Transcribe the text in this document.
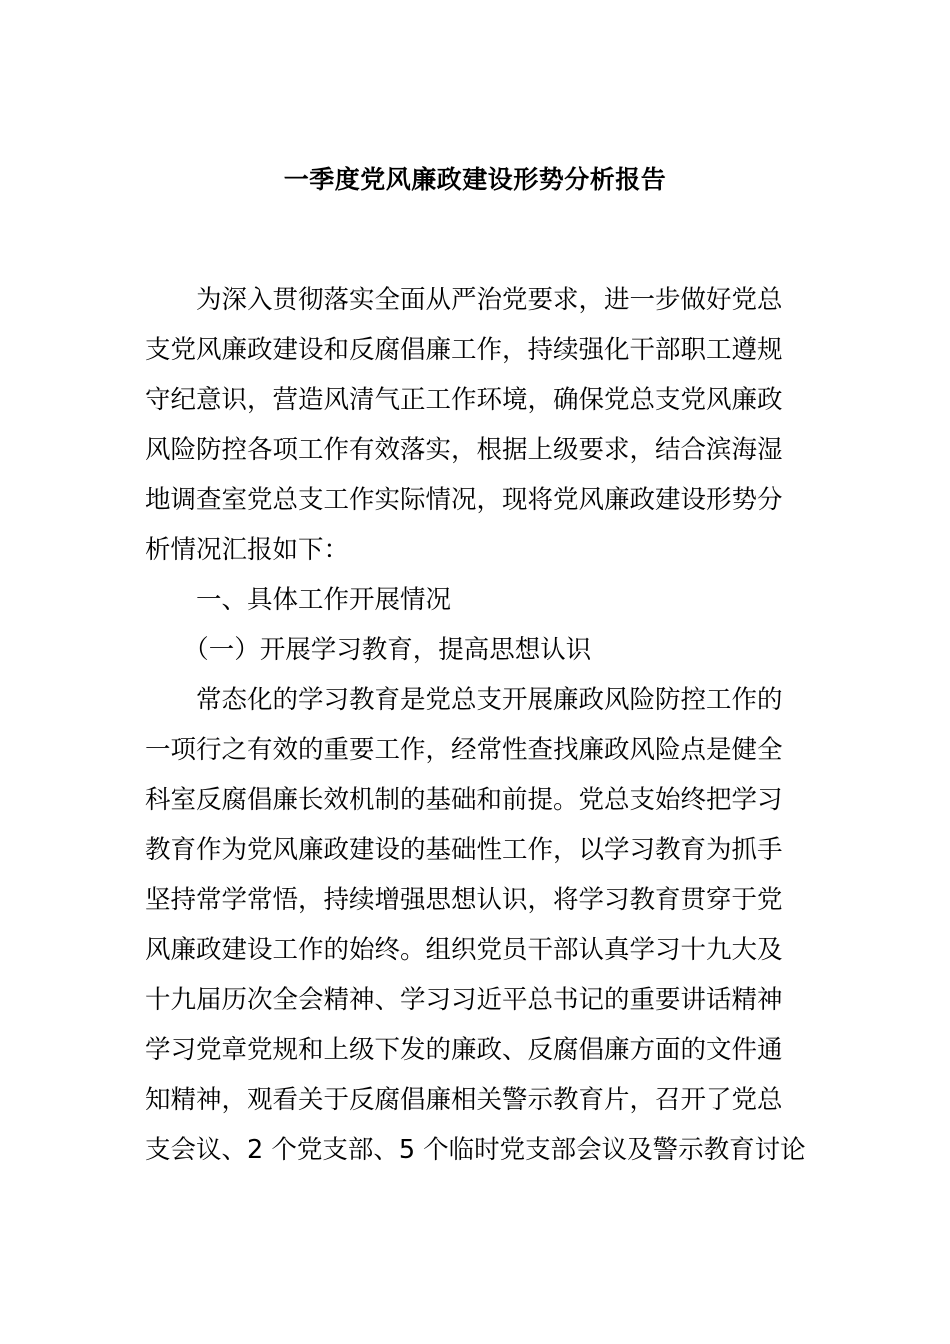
一季度党风廉政建设形势分析报告
　　为深入贯彻落实全面从严治党要求，进一步做好党总
支党风廉政建设和反腐倡廉工作，持续强化干部职工遵规
守纪意识，营造风清气正工作环境，确保党总支党风廉政
风险防控各项工作有效落实，根据上级要求，结合滨海湿
地调查室党总支工作实际情况，现将党风廉政建设形势分
析情况汇报如下：
　　一、具体工作开展情况
　　（一）开展学习教育，提高思想认识
　　常态化的学习教育是党总支开展廉政风险防控工作的
一项行之有效的重要工作，经常性查找廉政风险点是健全
科室反腐倡廉长效机制的基础和前提。党总支始终把学习
教育作为党风廉政建设的基础性工作，以学习教育为抓手
坚持常学常悟，持续增强思想认识，将学习教育贯穿于党
风廉政建设工作的始终。组织党员干部认真学习十九大及
十九届历次全会精神、学习习近平总书记的重要讲话精神
学习党章党规和上级下发的廉政、反腐倡廉方面的文件通
知精神，观看关于反腐倡廉相关警示教育片，召开了党总
支会议、2 个党支部、5 个临时党支部会议及警示教育讨论
